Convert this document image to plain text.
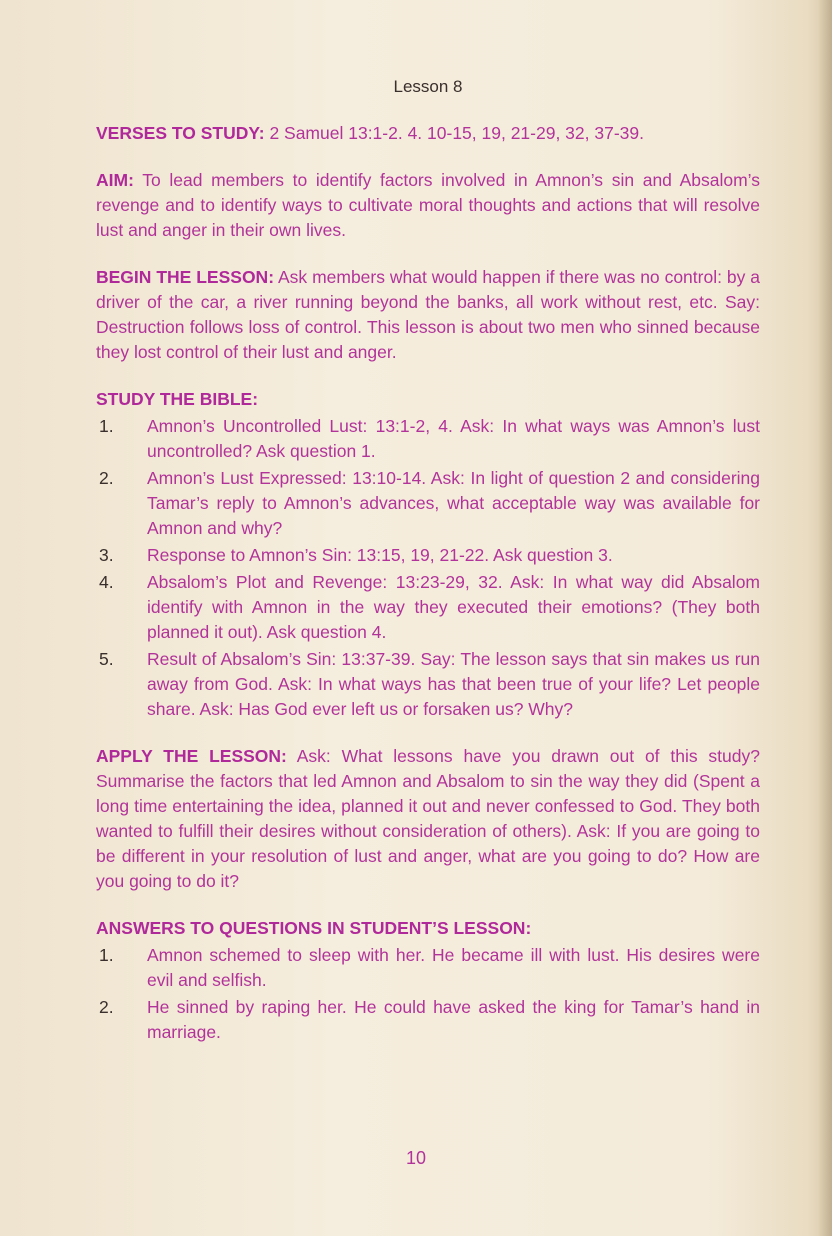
Lesson 8

VERSES TO STUDY: 2 Samuel 13:1-2. 4. 10-15, 19, 21-29, 32, 37-39.

AIM: To lead members to identify factors involved in Amnon’s sin and Absalom’s revenge and to identify ways to cultivate moral thoughts and actions that will resolve lust and anger in their own lives.

BEGIN THE LESSON: Ask members what would happen if there was no control: by a driver of the car, a river running beyond the banks, all work without rest, etc. Say: Destruction follows loss of control. This lesson is about two men who sinned because they lost control of their lust and anger.

STUDY THE BIBLE:
1. Amnon’s Uncontrolled Lust: 13:1-2, 4. Ask: In what ways was Amnon’s lust uncontrolled? Ask question 1.
2. Amnon’s Lust Expressed: 13:10-14. Ask: In light of question 2 and considering Tamar’s reply to Amnon’s advances, what acceptable way was available for Amnon and why?
3. Response to Amnon’s Sin: 13:15, 19, 21-22. Ask question 3.
4. Absalom’s Plot and Revenge: 13:23-29, 32. Ask: In what way did Absalom identify with Amnon in the way they executed their emotions? (They both planned it out). Ask question 4.
5. Result of Absalom’s Sin: 13:37-39. Say: The lesson says that sin makes us run away from God. Ask: In what ways has that been true of your life? Let people share. Ask: Has God ever left us or forsaken us? Why?

APPLY THE LESSON: Ask: What lessons have you drawn out of this study? Summarise the factors that led Amnon and Absalom to sin the way they did (Spent a long time entertaining the idea, planned it out and never confessed to God. They both wanted to fulfill their desires without consideration of others). Ask: If you are going to be different in your resolution of lust and anger, what are you going to do? How are you going to do it?

ANSWERS TO QUESTIONS IN STUDENT’S LESSON:
1. Amnon schemed to sleep with her. He became ill with lust. His desires were evil and selfish.
2. He sinned by raping her. He could have asked the king for Tamar’s hand in marriage.
10
